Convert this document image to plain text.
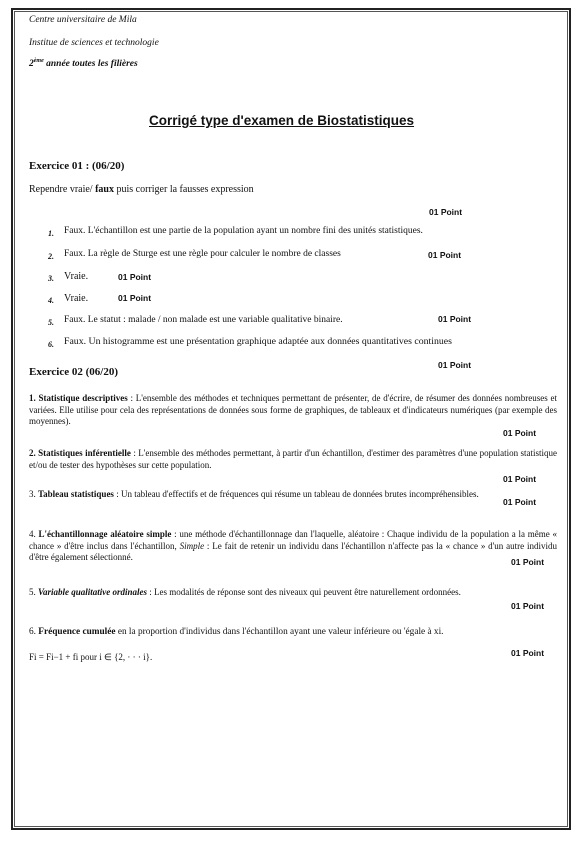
Centre universitaire de Mila
Institue de sciences et technologie
2ème année toutes les filières
Corrigé type d'examen de Biostatistiques
Exercice 01 : (06/20)
Rependre vraie/ faux puis corriger la fausses expression
01 Point
1. Faux. L'échantillon est une partie de la population ayant un nombre fini des unités statistiques.
2. Faux. La règle de Sturge est une règle pour calculer le nombre de classes	01 Point
3. Vraie.	01 Point
4. Vraie.	01 Point
5. Faux. Le statut : malade / non malade est une variable qualitative binaire.	01 Point
6. Faux. Un histogramme est une présentation graphique adaptée aux données quantitatives continues
01 Point
Exercice 02 (06/20)
1. Statistique descriptives : L'ensemble des méthodes et techniques permettant de présenter, de d'écrire, de résumer des données nombreuses et variées. Elle utilise pour cela des représentations de données sous forme de graphiques, de tableaux et d'indicateurs numériques (par exemple des moyennes).
01 Point
2. Statistiques inférentielle : L'ensemble des méthodes permettant, à partir d'un échantillon, d'estimer des paramètres d'une population statistique et/ou de tester des hypothèses sur cette population.
01 Point
3. Tableau statistiques : Un tableau d'effectifs et de fréquences qui résume un tableau de données brutes incompréhensibles.
01 Point
4. L'échantillonnage aléatoire simple : une méthode d'échantillonnage dan l'laquelle, aléatoire : Chaque individu de la population a la même « chance » d'être inclus dans l'échantillon, Simple : Le fait de retenir un individu dans l'échantillon n'affecte pas la « chance » d'un autre individu d'être également sélectionné.	01 Point
5. Variable qualitative ordinales : Les modalités de réponse sont des niveaux qui peuvent être naturellement ordonnées.
01 Point
6. Fréquence cumulée en la proportion d'individus dans l'échantillon ayant une valeur inférieure ou 'égale à xi.
Fi = Fi−1 + fi pour i ∈ {2, · · · i}.	01 Point
